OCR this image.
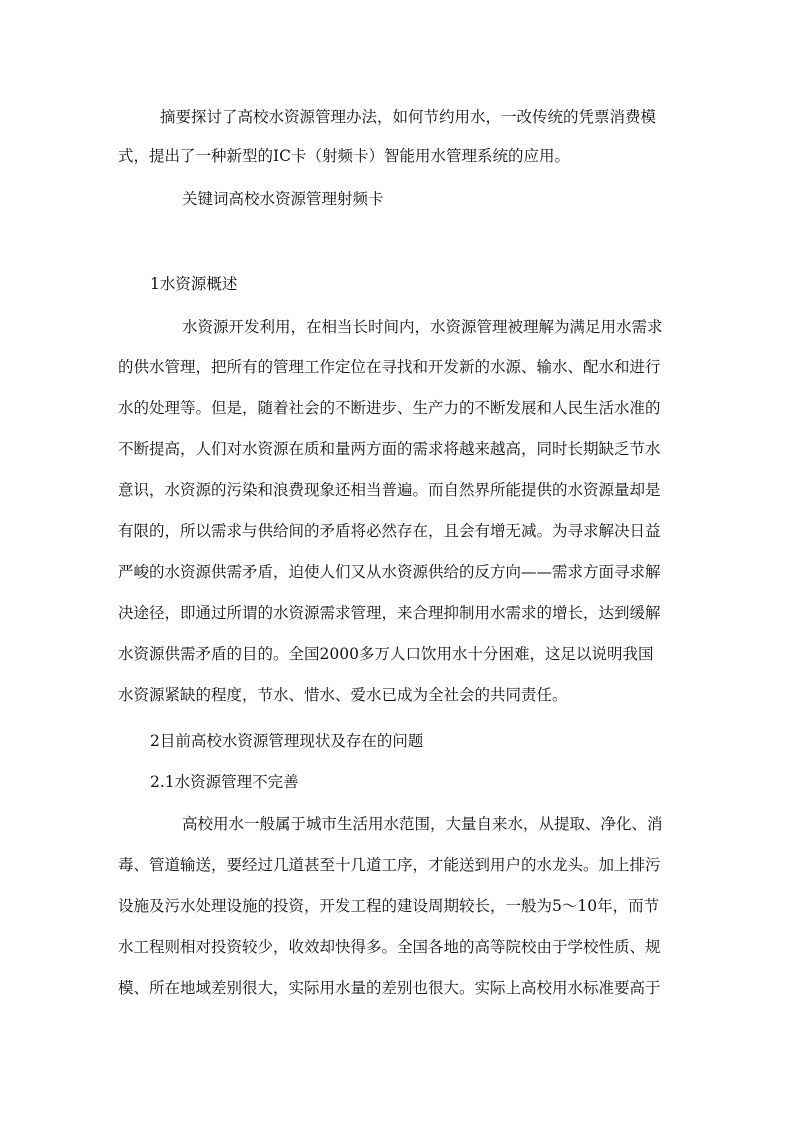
摘要探讨了高校水资源管理办法，如何节约用水，一改传统的凭票消费模
式，提出了一种新型的IC卡（射频卡）智能用水管理系统的应用。
关键词高校水资源管理射频卡
1水资源概述
水资源开发利用，在相当长时间内，水资源管理被理解为满足用水需求
的供水管理，把所有的管理工作定位在寻找和开发新的水源、输水、配水和进行
水的处理等。但是，随着社会的不断进步、生产力的不断发展和人民生活水准的
不断提高，人们对水资源在质和量两方面的需求将越来越高，同时长期缺乏节水
意识，水资源的污染和浪费现象还相当普遍。而自然界所能提供的水资源量却是
有限的，所以需求与供给间的矛盾将必然存在，且会有增无减。为寻求解决日益
严峻的水资源供需矛盾，迫使人们又从水资源供给的反方向——需求方面寻求解
决途径，即通过所谓的水资源需求管理，来合理抑制用水需求的增长，达到缓解
水资源供需矛盾的目的。全国2000多万人口饮用水十分困难，这足以说明我国
水资源紧缺的程度，节水、惜水、爱水已成为全社会的共同责任。
2目前高校水资源管理现状及存在的问题
2.1水资源管理不完善
高校用水一般属于城市生活用水范围，大量自来水，从提取、净化、消
毒、管道输送，要经过几道甚至十几道工序，才能送到用户的水龙头。加上排污
设施及污水处理设施的投资，开发工程的建设周期较长，一般为5～10年，而节
水工程则相对投资较少，收效却快得多。全国各地的高等院校由于学校性质、规
模、所在地域差别很大，实际用水量的差别也很大。实际上高校用水标准要高于
